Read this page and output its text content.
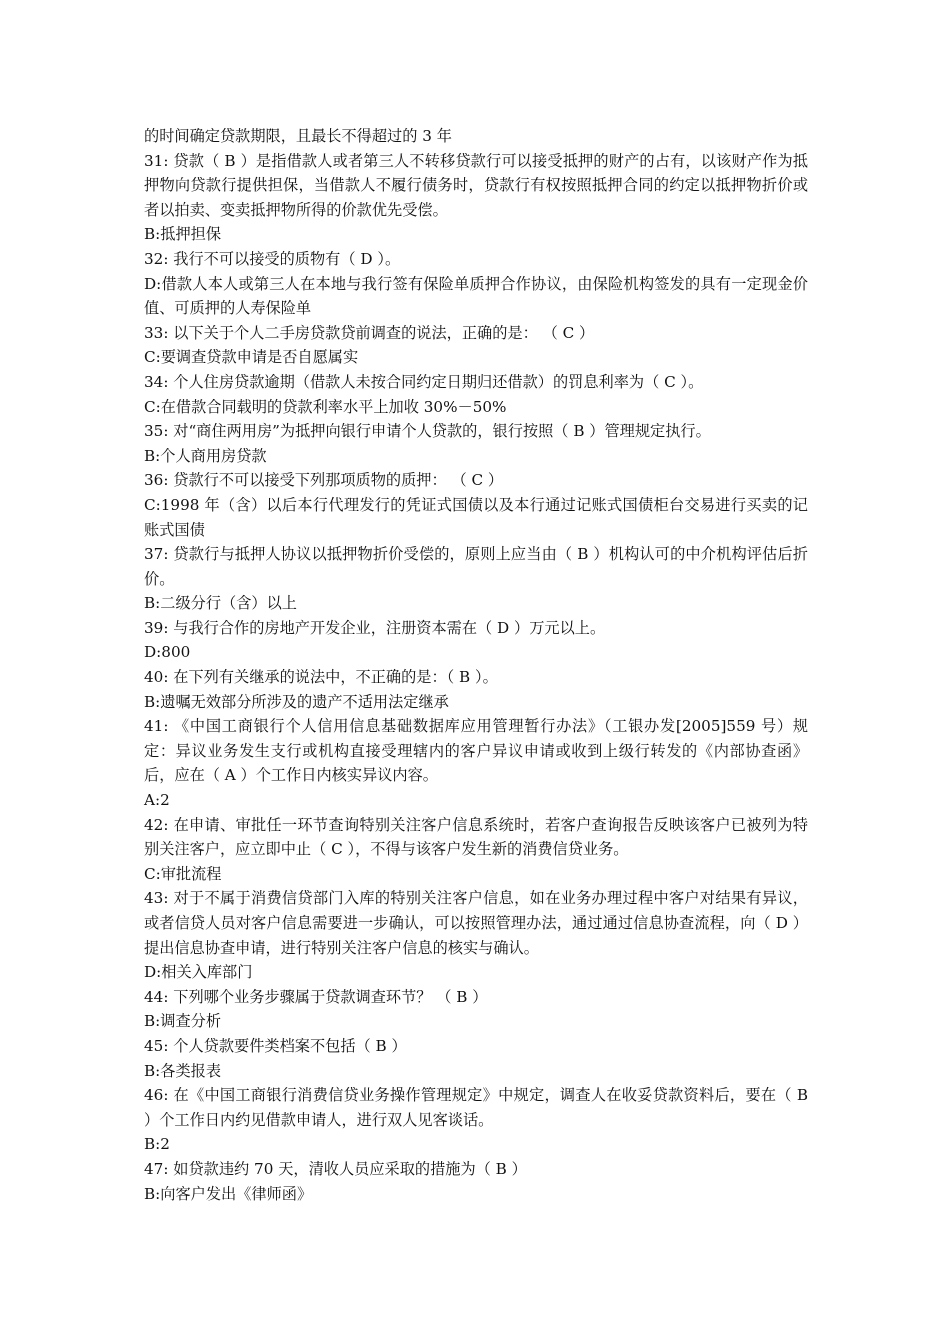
的时间确定贷款期限，且最长不得超过的 3 年

31: 贷款（ B ）是指借款人或者第三人不转移贷款行可以接受抵押的财产的占有，以该财产作为抵押物向贷款行提供担保，当借款人不履行债务时，贷款行有权按照抵押合同的约定以抵押物折价或者以拍卖、变卖抵押物所得的价款优先受偿。

B:抵押担保

32: 我行不可以接受的质物有（ D ）。

D:借款人本人或第三人在本地与我行签有保险单质押合作协议，由保险机构签发的具有一定现金价值、可质押的人寿保险单

33: 以下关于个人二手房贷款贷前调查的说法，正确的是： （ C ）

C:要调查贷款申请是否自愿属实

34: 个人住房贷款逾期（借款人未按合同约定日期归还借款）的罚息利率为（ C ）。

C:在借款合同载明的贷款利率水平上加收 30%－50%

35: 对“商住两用房”为抵押向银行申请个人贷款的，银行按照（ B ）管理规定执行。

B:个人商用房贷款

36: 贷款行不可以接受下列那项质物的质押： （ C ）

C:1998 年（含）以后本行代理发行的凭证式国债以及本行通过记账式国债柜台交易进行买卖的记账式国债

37: 贷款行与抵押人协议以抵押物折价受偿的，原则上应当由（ B ）机构认可的中介机构评估后折价。

B:二级分行（含）以上

39: 与我行合作的房地产开发企业，注册资本需在（ D ）万元以上。

D:800

40: 在下列有关继承的说法中，不正确的是：（ B ）。

B:遗嘱无效部分所涉及的遗产不适用法定继承

41: 《中国工商银行个人信用信息基础数据库应用管理暂行办法》（工银办发[2005]559 号）规定：异议业务发生支行或机构直接受理辖内的客户异议申请或收到上级行转发的《内部协查函》后，应在（ A ）个工作日内核实异议内容。

A:2

42: 在申请、审批任一环节查询特别关注客户信息系统时，若客户查询报告反映该客户已被列为特别关注客户，应立即中止（ C ），不得与该客户发生新的消费信贷业务。

C:审批流程

43: 对于不属于消费信贷部门入库的特别关注客户信息，如在业务办理过程中客户对结果有异议，或者信贷人员对客户信息需要进一步确认，可以按照管理办法，通过通过信息协查流程，向（ D ）提出信息协查申请，进行特别关注客户信息的核实与确认。

D:相关入库部门

44: 下列哪个业务步骤属于贷款调查环节？ （ B ）

B:调查分析

45: 个人贷款要件类档案不包括（ B ）

B:各类报表

46: 在《中国工商银行消费信贷业务操作管理规定》中规定，调查人在收妥贷款资料后，要在（ B ）个工作日内约见借款申请人，进行双人见客谈话。

B:2

47: 如贷款违约 70 天，清收人员应采取的措施为（ B ）

B:向客户发出《律师函》
